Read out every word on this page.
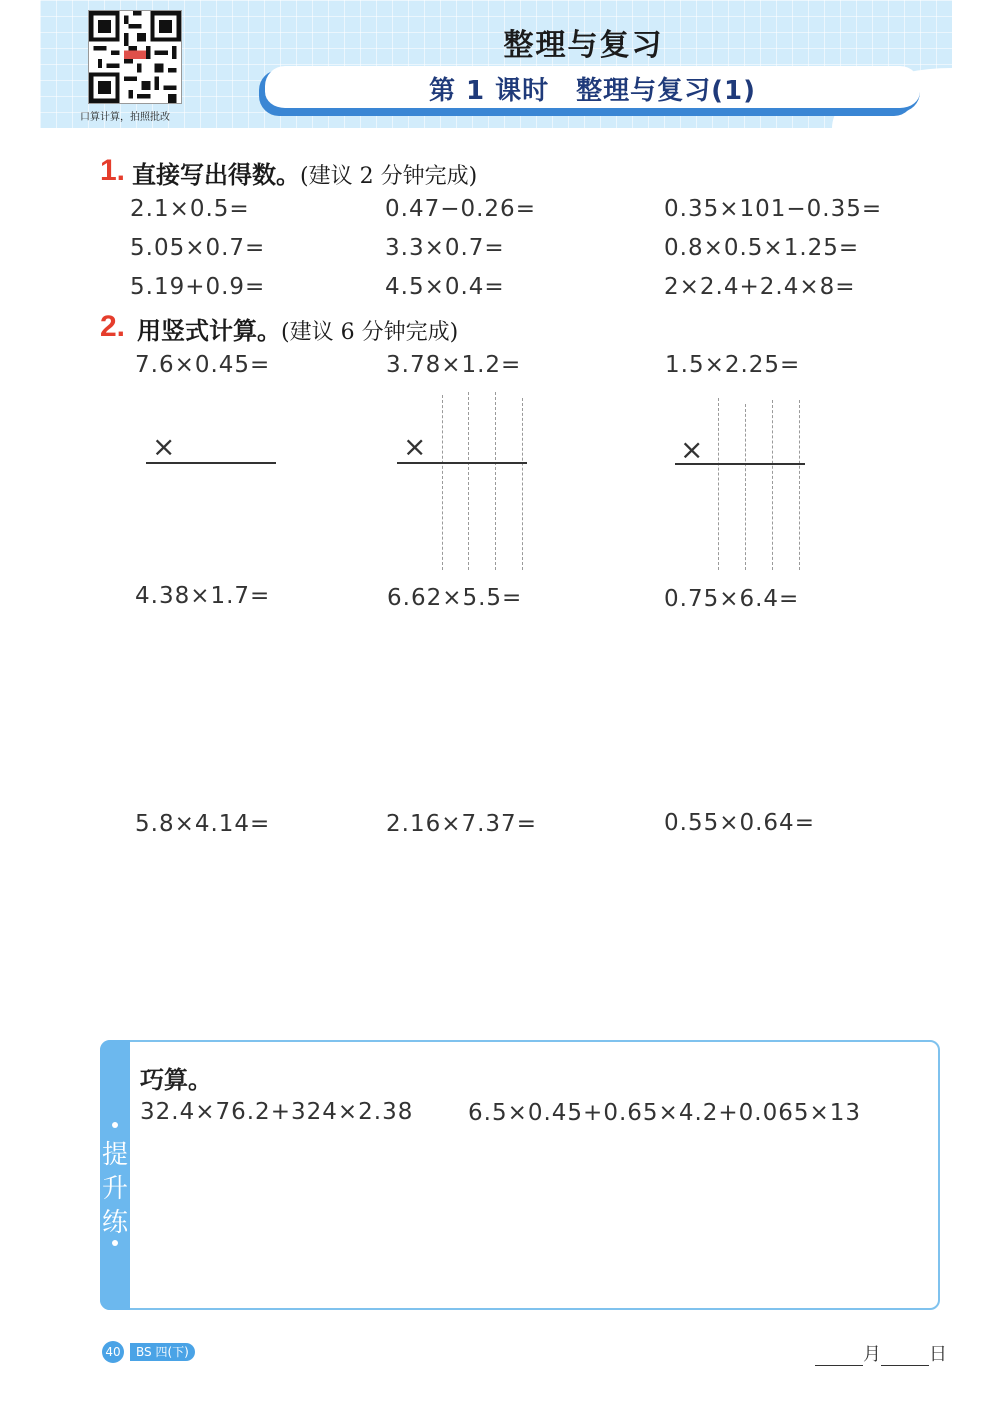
口算计算，拍照批改
整理与复习
第 1 课时　整理与复习(1)
1. 直接写出得数。(建议 2 分钟完成)
2.1×0.5=	0.47−0.26=	0.35×101−0.35=
5.05×0.7=	3.3×0.7=	0.8×0.5×1.25=
5.19+0.9=	4.5×0.4=	2×2.4+2.4×8=
2. 用竖式计算。(建议 6 分钟完成)
7.6×0.45=	3.78×1.2=	1.5×2.25=
×	×	×
4.38×1.7=	6.62×5.5=	0.75×6.4=
5.8×4.14=	2.16×7.37=	0.55×0.64=
提
升
练
巧算。
32.4×76.2+324×2.38 6.5×0.45+0.65×4.2+0.065×13
40	BS 四(下)	月	日
